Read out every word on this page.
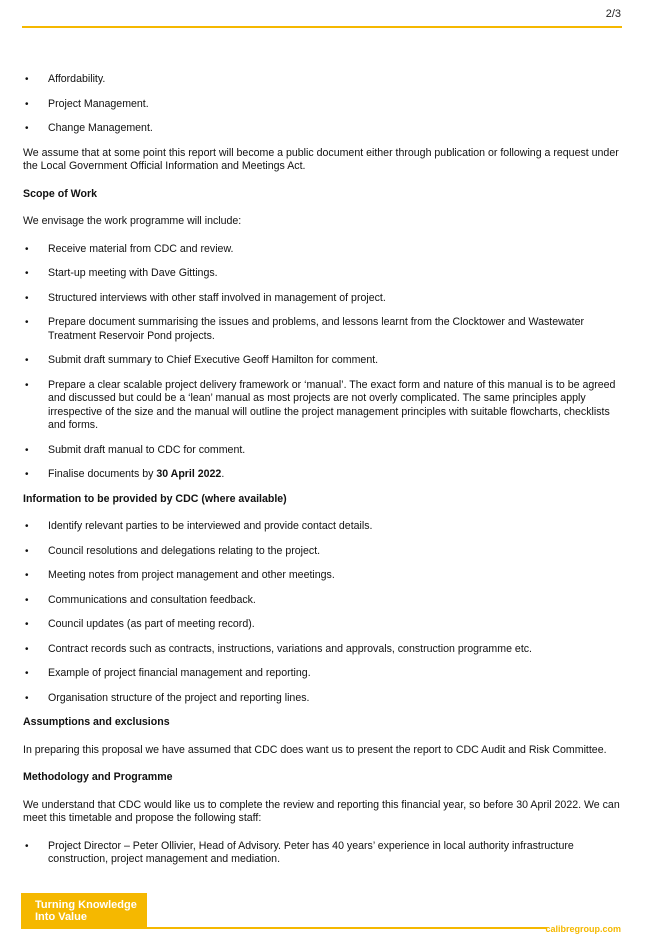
2/3
• Affordability.
• Project Management.
• Change Management.

We assume that at some point this report will become a public document either through publication or following a request under the Local Government Official Information and Meetings Act.

Scope of Work

We envisage the work programme will include:

• Receive material from CDC and review.
• Start-up meeting with Dave Gittings.
• Structured interviews with other staff involved in management of project.
• Prepare document summarising the issues and problems, and lessons learnt from the Clocktower and Wastewater Treatment Reservoir Pond projects.
• Submit draft summary to Chief Executive Geoff Hamilton for comment.
• Prepare a clear scalable project delivery framework or ‘manual’. The exact form and nature of this manual is to be agreed and discussed but could be a ‘lean’ manual as most projects are not overly complicated. The same principles apply irrespective of the size and the manual will outline the project management principles with suitable flowcharts, checklists and forms.
• Submit draft manual to CDC for comment.
• Finalise documents by 30 April 2022.
Information to be provided by CDC (where available)
• Identify relevant parties to be interviewed and provide contact details.
• Council resolutions and delegations relating to the project.
• Meeting notes from project management and other meetings.
• Communications and consultation feedback.
• Council updates (as part of meeting record).
• Contract records such as contracts, instructions, variations and approvals, construction programme etc.
• Example of project financial management and reporting.
• Organisation structure of the project and reporting lines.
Assumptions and exclusions

In preparing this proposal we have assumed that CDC does want us to present the report to CDC Audit and Risk Committee.

Methodology and Programme

We understand that CDC would like us to complete the review and reporting this financial year, so before 30 April 2022. We can meet this timetable and propose the following staff:

• Project Director – Peter Ollivier, Head of Advisory. Peter has 40 years’ experience in local authority infrastructure construction, project management and mediation.
Turning Knowledge
Into Value
calibregroup.com
